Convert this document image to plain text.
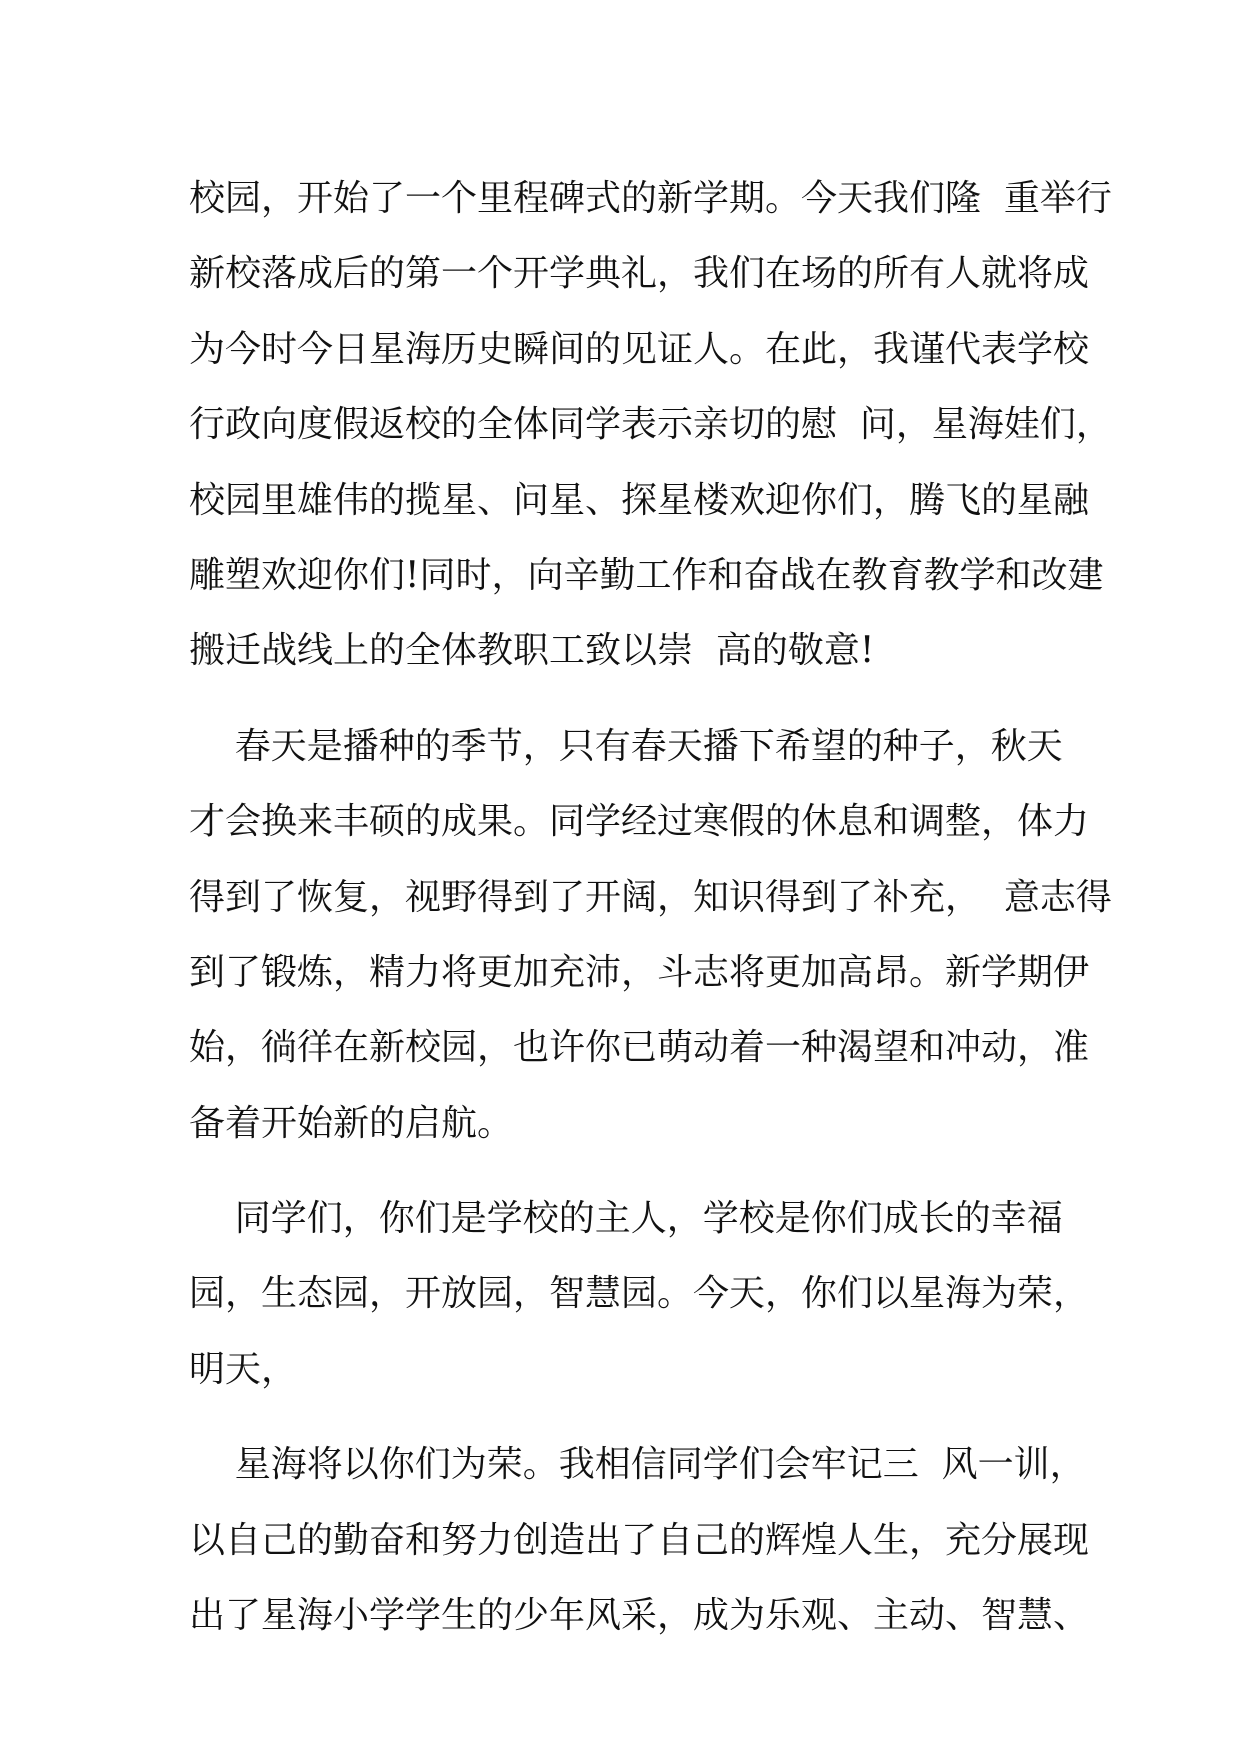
校园，开始了一个里程碑式的新学期。今天我们隆  重举行
新校落成后的第一个开学典礼，我们在场的所有人就将成
为今时今日星海历史瞬间的见证人。在此，我谨代表学校
行政向度假返校的全体同学表示亲切的慰  问，星海娃们，
校园里雄伟的揽星、问星、探星楼欢迎你们，腾飞的星融
雕塑欢迎你们!同时，向辛勤工作和奋战在教育教学和改建
搬迁战线上的全体教职工致以崇  高的敬意!
春天是播种的季节，只有春天播下希望的种子，秋天
才会换来丰硕的成果。同学经过寒假的休息和调整，体力
得到了恢复，视野得到了开阔，知识得到了补充，  意志得
到了锻炼，精力将更加充沛，斗志将更加高昂。新学期伊
始，徜徉在新校园，也许你已萌动着一种渴望和冲动，准
备着开始新的启航。
同学们，你们是学校的主人，学校是你们成长的幸福
园，生态园，开放园，智慧园。今天，你们以星海为荣，
明天，
星海将以你们为荣。我相信同学们会牢记三  风一训，
以自己的勤奋和努力创造出了自己的辉煌人生，充分展现
出了星海小学学生的少年风采，成为乐观、主动、智慧、
